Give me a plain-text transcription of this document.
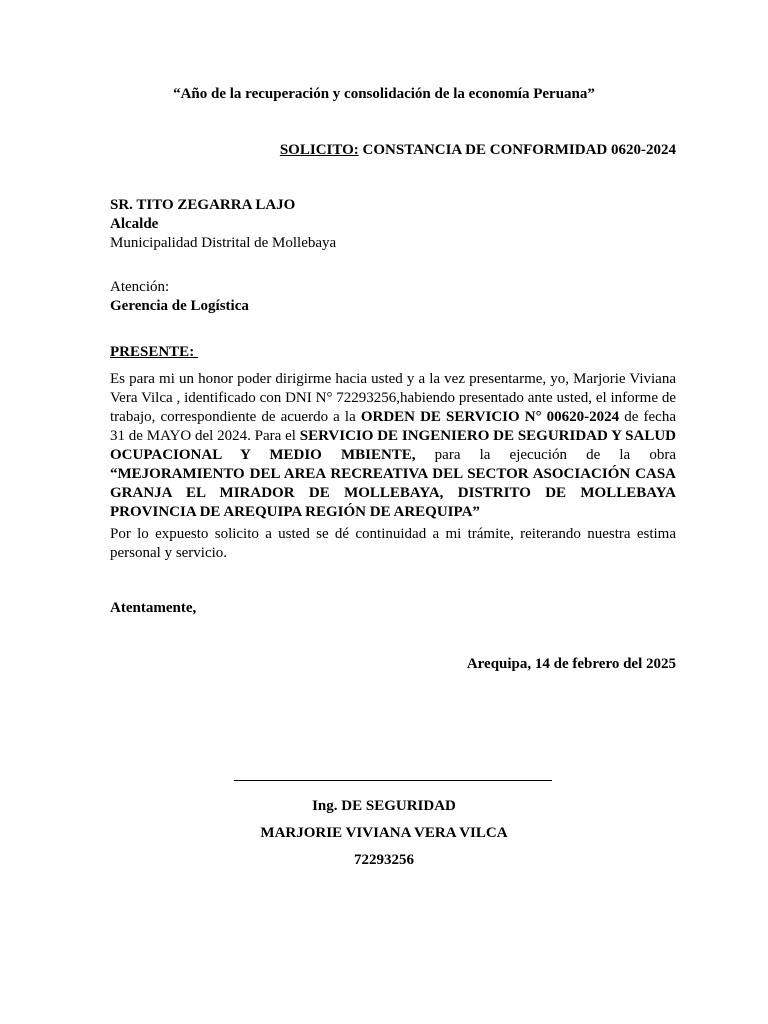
“Año de la recuperación y consolidación de la economía Peruana”
SOLICITO: CONSTANCIA DE CONFORMIDAD 0620-2024
SR. TITO ZEGARRA LAJO
Alcalde
Municipalidad Distrital de Mollebaya
Atención:
Gerencia de Logística
PRESENTE:
Es para mi un honor poder dirigirme hacia usted y a la vez presentarme, yo, Marjorie Viviana Vera Vilca , identificado con DNI N° 72293256,habiendo presentado ante usted, el informe de trabajo, correspondiente de acuerdo a la ORDEN DE SERVICIO N° 00620-2024 de fecha 31 de MAYO del 2024. Para el SERVICIO DE INGENIERO DE SEGURIDAD Y SALUD OCUPACIONAL Y MEDIO MBIENTE, para la ejecución de la obra “MEJORAMIENTO DEL AREA RECREATIVA DEL SECTOR ASOCIACIÓN CASA GRANJA EL MIRADOR DE MOLLEBAYA, DISTRITO DE MOLLEBAYA PROVINCIA DE AREQUIPA REGIÓN DE AREQUIPA”
Por lo expuesto solicito a usted se dé continuidad a mi trámite, reiterando nuestra estima personal y servicio.
Atentamente,
Arequipa, 14 de febrero del 2025
Ing. DE SEGURIDAD
MARJORIE VIVIANA VERA VILCA
72293256
